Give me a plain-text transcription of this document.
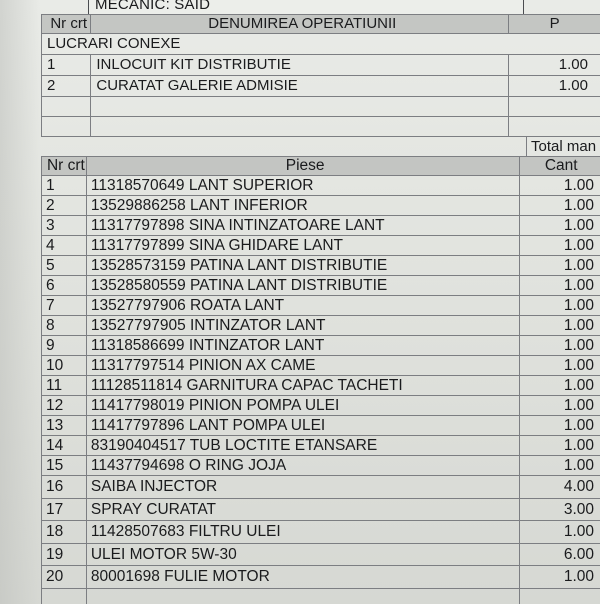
MECANIC: SAID
Nr crt	DENUMIREA OPERATIUNII	P
LUCRARI CONEXE		
1	INLOCUIT KIT DISTRIBUTIE	1.00
2	CURATAT GALERIE ADMISIE	1.00

Total man
Nr crt	Piese	Cant
1	11318570649 LANT SUPERIOR	1.00
2	13529886258 LANT INFERIOR	1.00
3	11317797898 SINA INTINZATOARE LANT	1.00
4	11317797899 SINA GHIDARE LANT	1.00
5	13528573159 PATINA LANT DISTRIBUTIE	1.00
6	13528580559 PATINA LANT DISTRIBUTIE	1.00
7	13527797906 ROATA LANT	1.00
8	13527797905 INTINZATOR LANT	1.00
9	11318586699 INTINZATOR LANT	1.00
10	11317797514 PINION AX CAME	1.00
11	11128511814 GARNITURA CAPAC TACHETI	1.00
12	11417798019 PINION POMPA ULEI	1.00
13	11417797896 LANT POMPA ULEI	1.00
14	83190404517 TUB LOCTITE ETANSARE	1.00
15	11437794698 O RING JOJA	1.00
16	SAIBA INJECTOR	4.00
17	SPRAY CURATAT	3.00
18	11428507683 FILTRU ULEI	1.00
19	ULEI MOTOR 5W-30	6.00
20	80001698 FULIE MOTOR	1.00
